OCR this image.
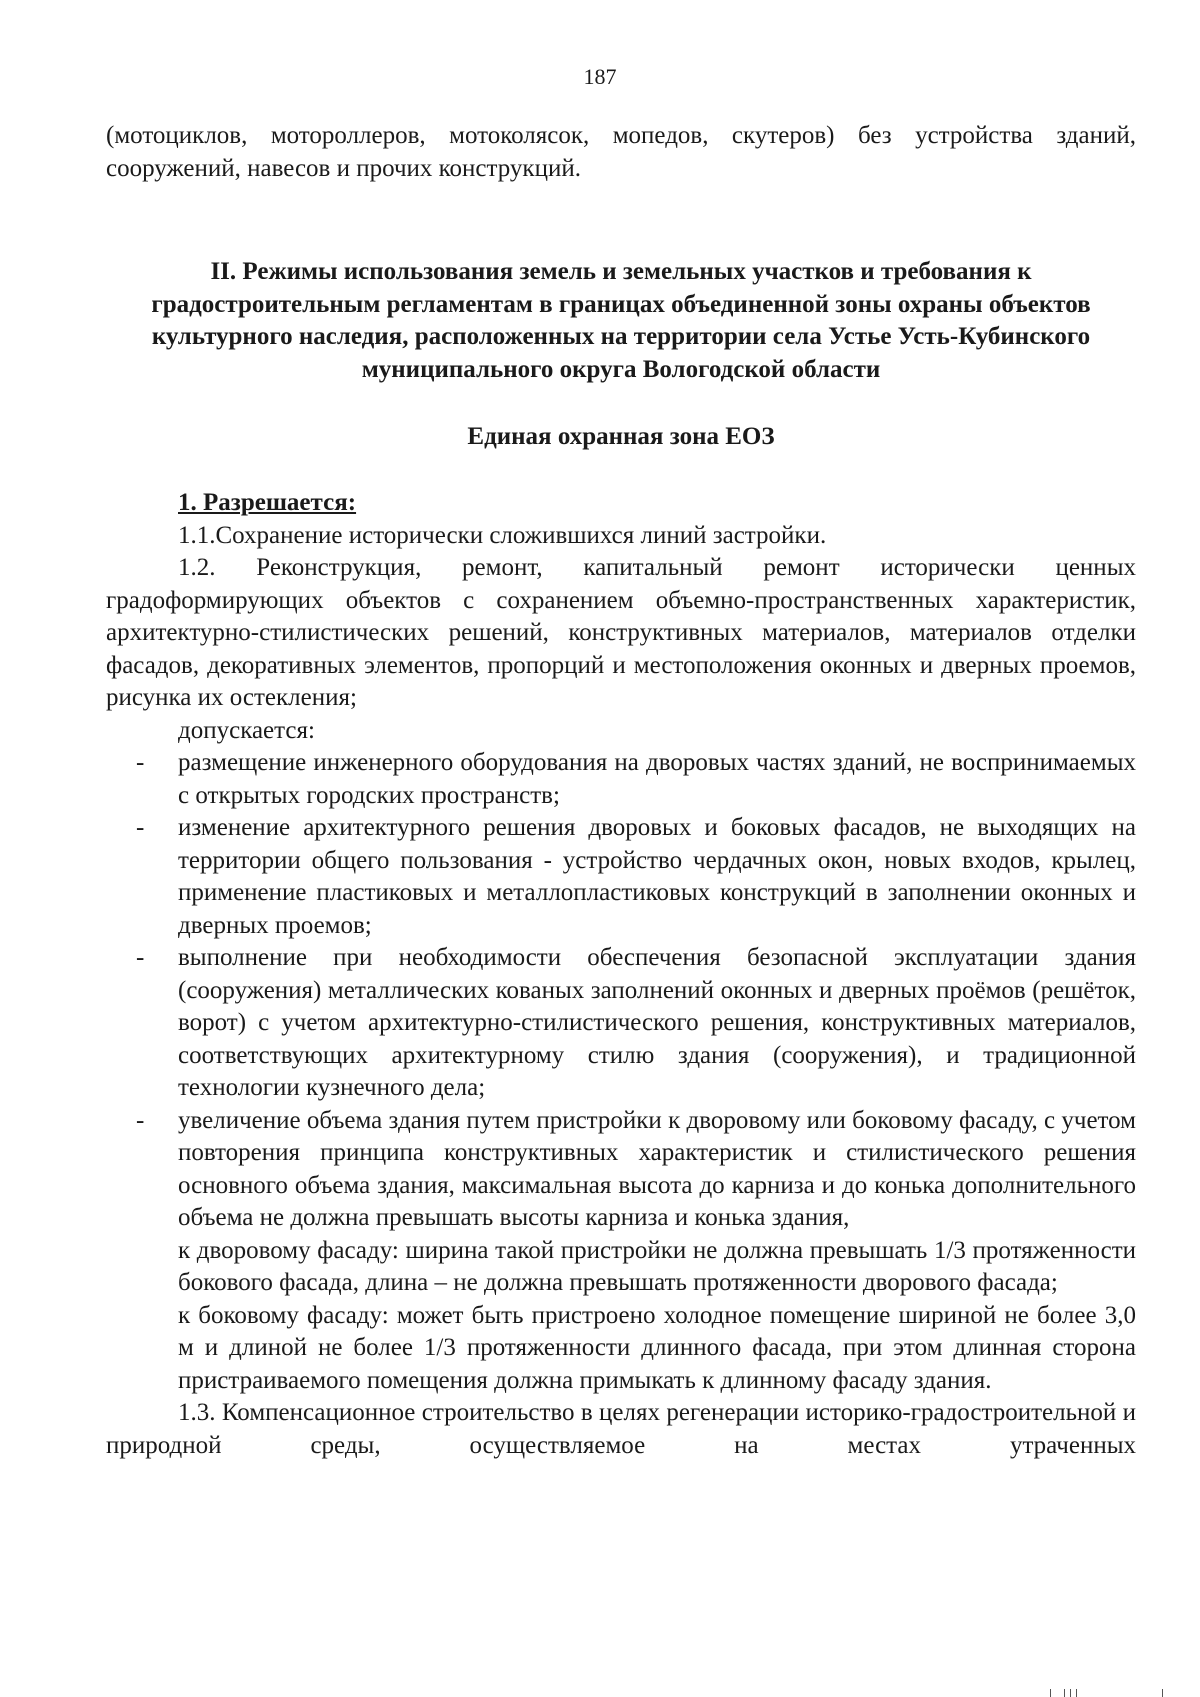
187
(мотоциклов, мотороллеров, мотоколясок, мопедов, скутеров) без устройства зданий, сооружений, навесов и прочих конструкций.
II. Режимы использования земель и земельных участков и требования к градостроительным регламентам в границах объединенной зоны охраны объектов культурного наследия, расположенных на территории села Устье Усть-Кубинского муниципального округа Вологодской области
Единая охранная зона ЕОЗ
1. Разрешается:
1.1.Сохранение исторически сложившихся линий застройки.
1.2. Реконструкция, ремонт, капитальный ремонт исторически ценных градоформирующих объектов с сохранением объемно-пространственных характеристик, архитектурно-стилистических решений, конструктивных материалов, материалов отделки фасадов, декоративных элементов, пропорций и местоположения оконных и дверных проемов, рисунка их остекления;
допускается:
- размещение инженерного оборудования на дворовых частях зданий, не воспринимаемых с открытых городских пространств;
- изменение архитектурного решения дворовых и боковых фасадов, не выходящих на территории общего пользования - устройство чердачных окон, новых входов, крылец, применение пластиковых и металлопластиковых конструкций в заполнении оконных и дверных проемов;
- выполнение при необходимости обеспечения безопасной эксплуатации здания (сооружения) металлических кованых заполнений оконных и дверных проёмов (решёток, ворот) с учетом архитектурно-стилистического решения, конструктивных материалов, соответствующих архитектурному стилю здания (сооружения), и традиционной технологии кузнечного дела;
- увеличение объема здания путем пристройки к дворовому или боковому фасаду, с учетом повторения принципа конструктивных характеристик и стилистического решения основного объема здания, максимальная высота до карниза и до конька дополнительного объема не должна превышать высоты карниза и конька здания,
к дворовому фасаду: ширина такой пристройки не должна превышать 1/3 протяженности бокового фасада, длина – не должна превышать протяженности дворового фасада;
к боковому фасаду: может быть пристроено холодное помещение шириной не более 3,0 м и длиной не более 1/3 протяженности длинного фасада, при этом длинная сторона пристраиваемого помещения должна примыкать к длинному фасаду здания.
1.3. Компенсационное строительство в целях регенерации историко-градостроительной и природной среды, осуществляемое на местах утраченных
